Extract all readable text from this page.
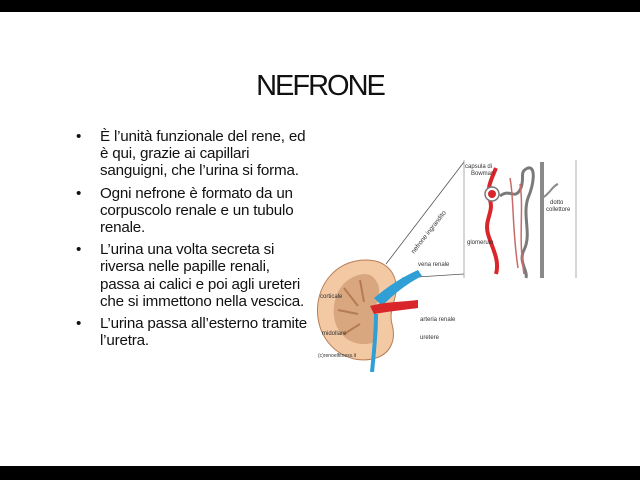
NEFRONE
• È l’unità funzionale del rene, ed è qui, grazie ai capillari sanguigni, che l’urina si forma.
• Ogni nefrone è formato da un corpuscolo renale e un tubulo renale.
• L’urina una volta secreta si riversa nelle papille renali, passa ai calici e poi agli ureteri che si immettono nella vescica.
• L’urina passa all’esterno tramite l’uretra.
capsula di
Bowman
dotto
collettore
nefrone ingrandito	glomerulo
vena renale
corticale
arteria renale
midollare
uretere
(c)renoelfitness.it
